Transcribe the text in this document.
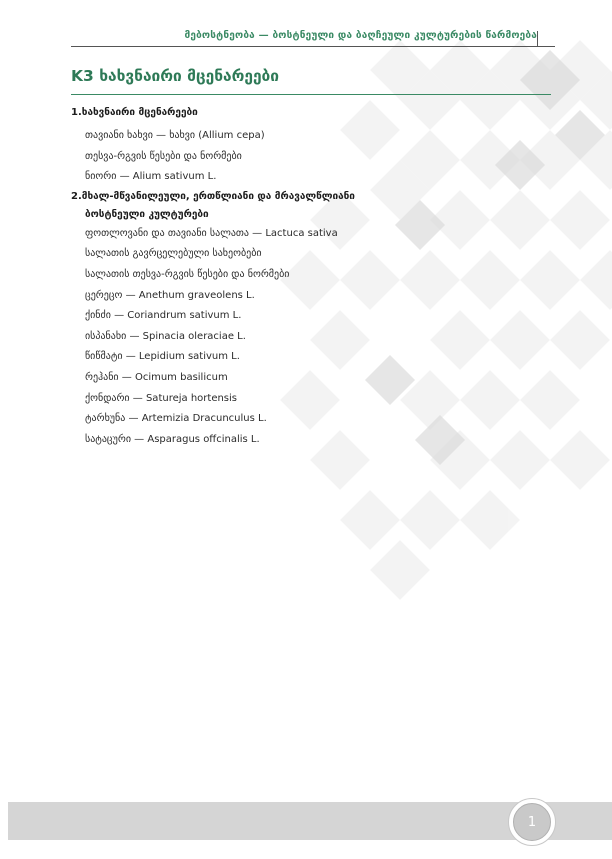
მებოსტნეობა — ბოსტნეული და ბაღჩეული კულტურების წარმოება
K3 ხახვნაირი მცენარეები
1.ხახვნაირი მცენარეები
თავიანი ხახვი — ხახვი (Allium cepa)
თესვა-რგვის წესები და ნორმები
ნიორი — Alium sativum L.
2.მხალ-მწვანილეული, ერთწლიანი და მრავალწლიანი
ბოსტნეული კულტურები
ფოთლოვანი და თავიანი სალათა — Lactuca sativa
სალათის გავრცელებული სახეობები
სალათის თესვა-რგვის წესები და ნორმები
ცერეცო — Anethum graveolens L.
ქინძი — Coriandrum sativum L.
ისპანახი — Spinacia oleraciae L.
წიწმატი — Lepidium sativum L.
რეჰანი — Ocimum basilicum
ქონდარი — Satureja hortensis
ტარხუნა — Artemizia Dracunculus L.
სატაცური — Asparagus offcinalis L.
1
